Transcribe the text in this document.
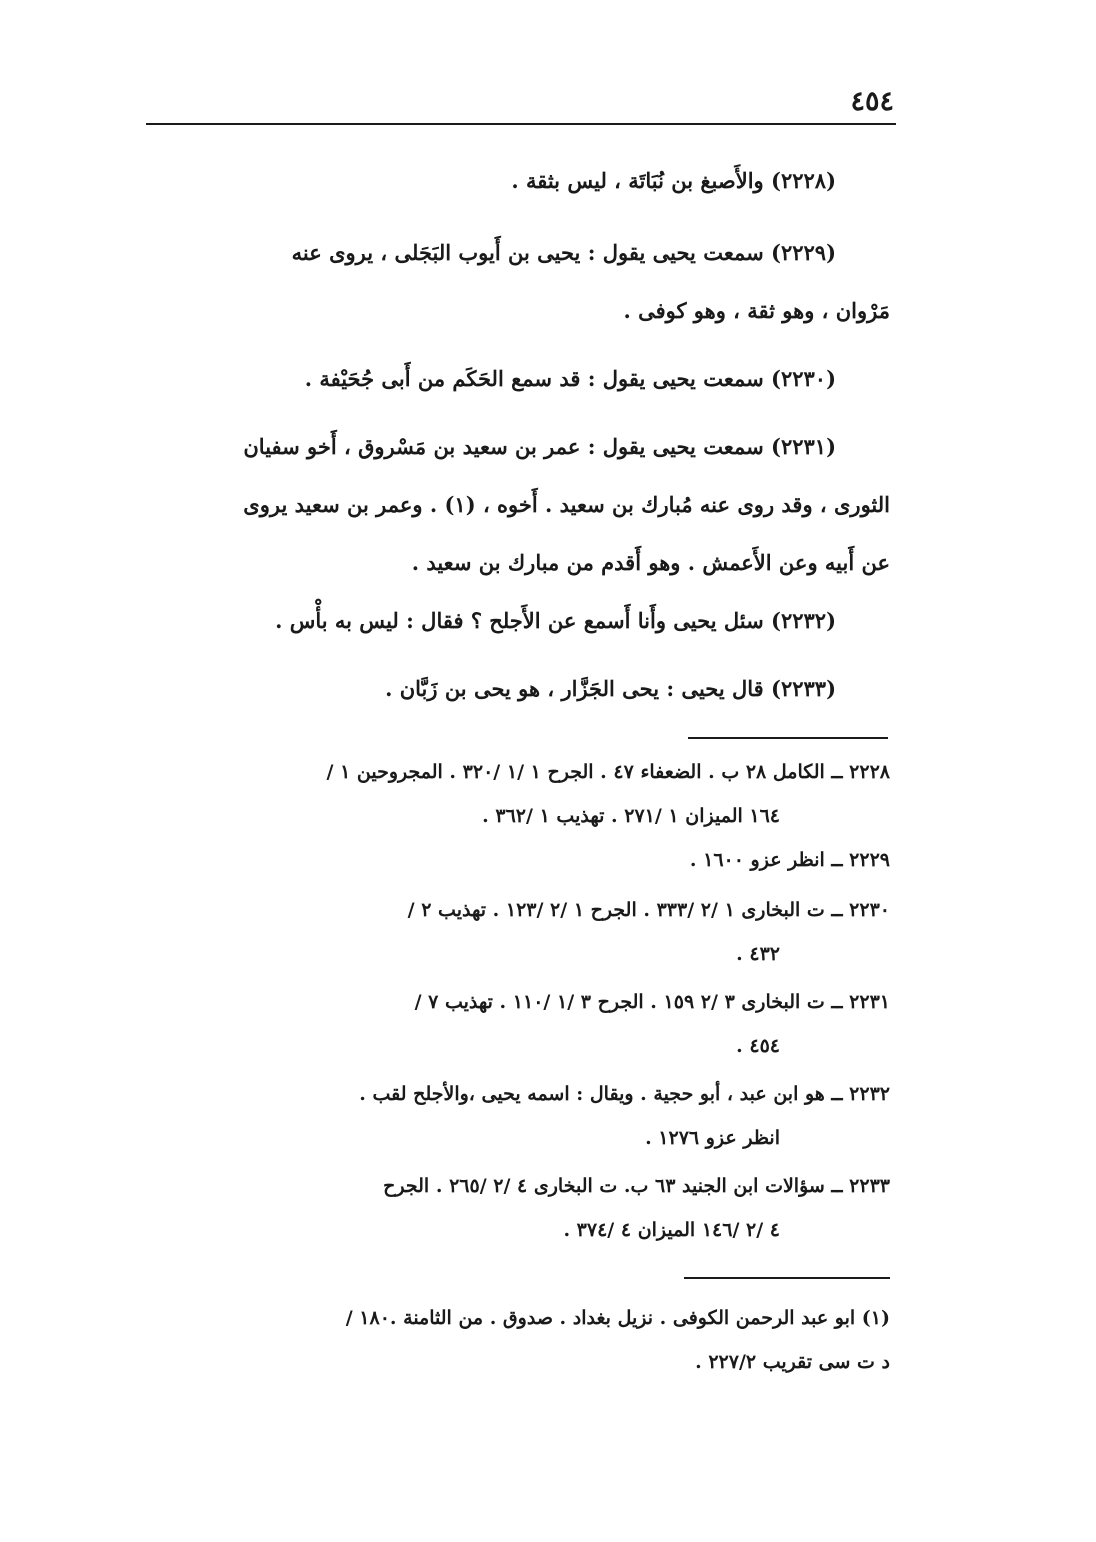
٤٥٤

(٢٢٢٨) والأَصبغ بن نُبَاتَة ، ليس بثقة .

(٢٢٢٩) سمعت يحيى يقول : يحيى بن أَيوب البَجَلى ، يروى عنه

مَرْوان ، وهو ثقة ، وهو كوفى .

(٢٢٣٠) سمعت يحيى يقول : قد سمع الحَكَم من أَبى جُحَيْفة .

(٢٢٣١) سمعت يحيى يقول : عمر بن سعيد بن مَسْروق ، أَخو سفيان

الثورى ، وقد روى عنه مُبارك بن سعيد . أَخوه ، (١) . وعمر بن سعيد يروى

عن أَبيه وعن الأَعمش . وهو أَقدم من مبارك بن سعيد .

(٢٢٣٢) سئل يحيى وأَنا أَسمع عن الأَجلح ؟ فقال : ليس به بأْس .

(٢٢٣٣) قال يحيى : يحى الجَزَّار ، هو يحى بن زَبَّان .

٢٢٢٨ ــ الكامل ٢٨ ب . الضعفاء ٤٧ . الجرح ١ /١ /٣٢٠ . المجروحين ١ /

١٦٤ الميزان ١ /٢٧١ . تهذيب ١ /٣٦٢ .

٢٢٢٩ ــ انظر عزو ١٦٠٠ .

٢٢٣٠ ــ ت البخارى ١ /٢ /٣٣٣ . الجرح ١ /٢ /١٢٣ . تهذيب ٢ /

٤٣٢ .

٢٢٣١ ــ ت البخارى ٣ /٢ ١٥٩ . الجرح ٣ /١ /١١٠ . تهذيب ٧ /

٤٥٤ .

٢٢٣٢ ــ هو ابن عبد ، أبو حجية . ويقال : اسمه يحيى ،والأجلح لقب .

انظر عزو ١٢٧٦ .

٢٢٣٣ ــ سؤالات ابن الجنيد ٦٣ ب. ت البخارى ٤ /٢ /٢٦٥ . الجرح

٤ /٢ /١٤٦ الميزان ٤ /٣٧٤ .

(١) ابو عبد الرحمن الكوفى . نزيل بغداد . صدوق . من الثامنة .١٨٠ /

د ت سى تقريب ٢٢٧/٢ .
